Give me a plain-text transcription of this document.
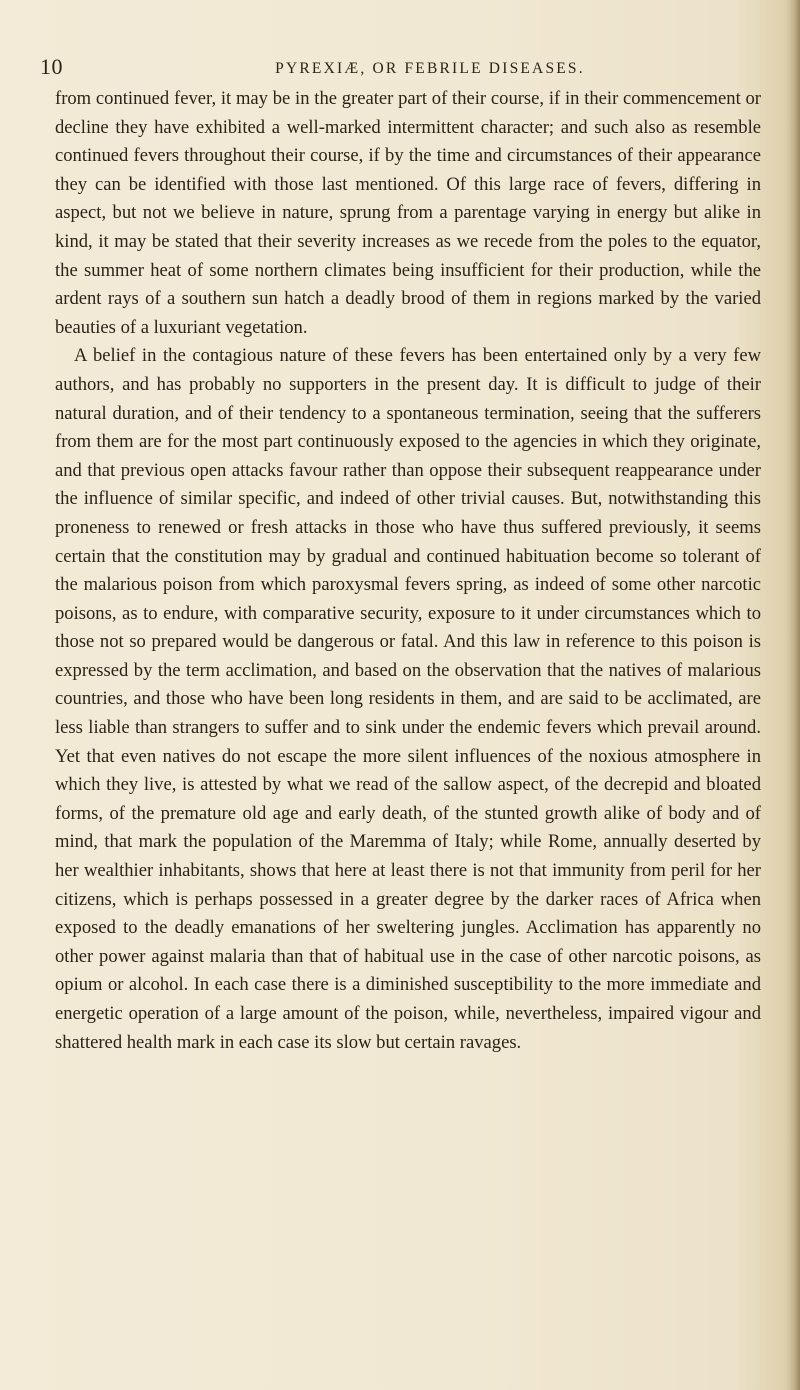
10	PYREXIÆ, OR FEBRILE DISEASES.

from continued fever, it may be in the greater part of their course, if in their commencement or decline they have exhibited a well-marked intermittent character; and such also as resemble continued fevers throughout their course, if by the time and circumstances of their appearance they can be identified with those last mentioned. Of this large race of fevers, differing in aspect, but not we believe in nature, sprung from a parentage varying in energy but alike in kind, it may be stated that their severity increases as we recede from the poles to the equator, the summer heat of some northern climates being insufficient for their production, while the ardent rays of a southern sun hatch a deadly brood of them in regions marked by the varied beauties of a luxuriant vegetation.

A belief in the contagious nature of these fevers has been entertained only by a very few authors, and has probably no supporters in the present day. It is difficult to judge of their natural duration, and of their tendency to a spontaneous termination, seeing that the sufferers from them are for the most part continuously exposed to the agencies in which they originate, and that previous open attacks favour rather than oppose their subsequent reappearance under the influence of similar specific, and indeed of other trivial causes. But, notwithstanding this proneness to renewed or fresh attacks in those who have thus suffered previously, it seems certain that the constitution may by gradual and continued habituation become so tolerant of the malarious poison from which paroxysmal fevers spring, as indeed of some other narcotic poisons, as to endure, with comparative security, exposure to it under circumstances which to those not so prepared would be dangerous or fatal. And this law in reference to this poison is expressed by the term acclimation, and based on the observation that the natives of malarious countries, and those who have been long residents in them, and are said to be acclimated, are less liable than strangers to suffer and to sink under the endemic fevers which prevail around. Yet that even natives do not escape the more silent influences of the noxious atmosphere in which they live, is attested by what we read of the sallow aspect, of the decrepid and bloated forms, of the premature old age and early death, of the stunted growth alike of body and of mind, that mark the population of the Maremma of Italy; while Rome, annually deserted by her wealthier inhabitants, shows that here at least there is not that immunity from peril for her citizens, which is perhaps possessed in a greater degree by the darker races of Africa when exposed to the deadly emanations of her sweltering jungles. Acclimation has apparently no other power against malaria than that of habitual use in the case of other narcotic poisons, as opium or alcohol. In each case there is a diminished susceptibility to the more immediate and energetic operation of a large amount of the poison, while, nevertheless, impaired vigour and shattered health mark in each case its slow but certain ravages.
